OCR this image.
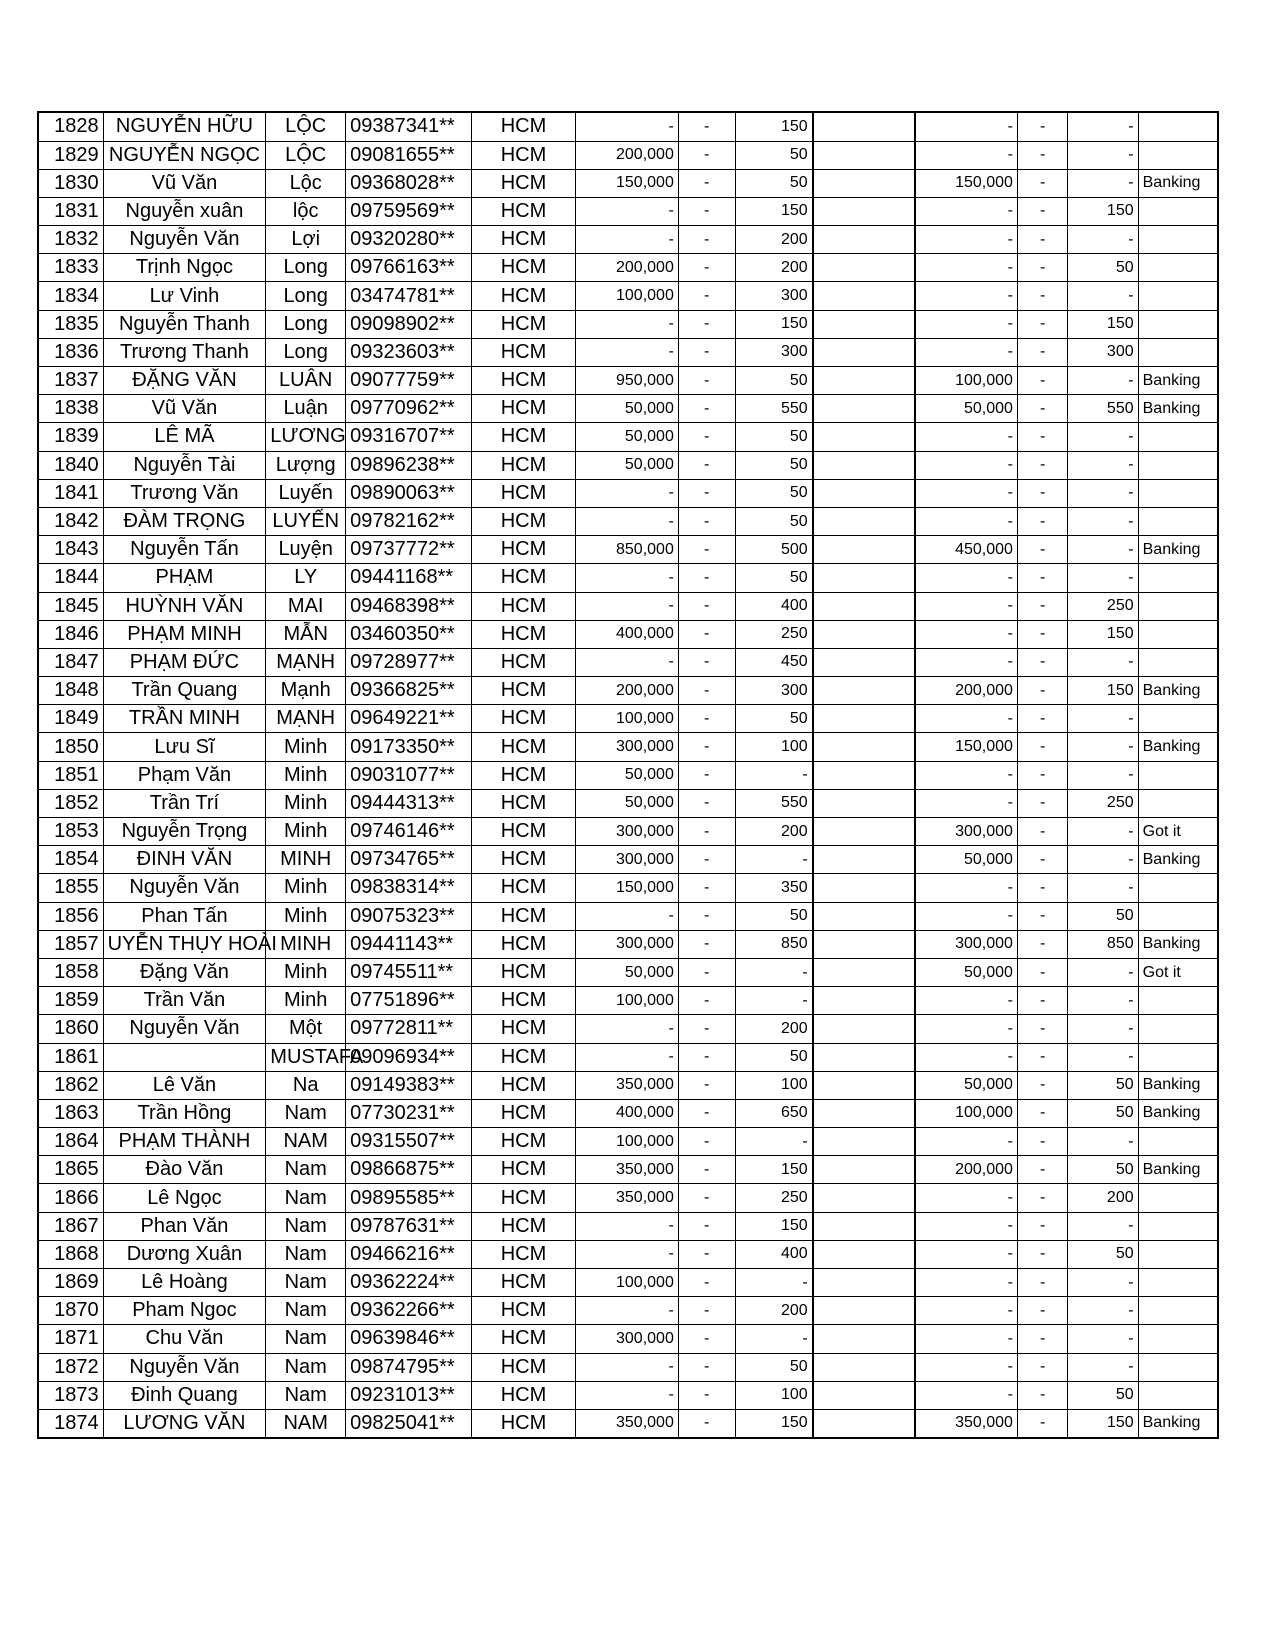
1828	NGUYỄN HỮU	LỘC	09387341**	HCM	-	-	150		-	-	-	
1829	NGUYỄN NGỌC	LỘC	09081655**	HCM	200,000	-	50		-	-	-	
1830	Vũ Văn	Lộc	09368028**	HCM	150,000	-	50		150,000	-	-	Banking
1831	Nguyễn xuân	lộc	09759569**	HCM	-	-	150		-	-	150	
1832	Nguyễn Văn	Lợi	09320280**	HCM	-	-	200		-	-	-	
1833	Trịnh Ngọc	Long	09766163**	HCM	200,000	-	200		-	-	50	
1834	Lư Vinh	Long	03474781**	HCM	100,000	-	300		-	-	-	
1835	Nguyễn Thanh	Long	09098902**	HCM	-	-	150		-	-	150	
1836	Trương Thanh	Long	09323603**	HCM	-	-	300		-	-	300	
1837	ĐẶNG VĂN	LUÂN	09077759**	HCM	950,000	-	50		100,000	-	-	Banking
1838	Vũ Văn	Luận	09770962**	HCM	50,000	-	550		50,000	-	550	Banking
1839	LÊ MÃ	LƯƠNG	09316707**	HCM	50,000	-	50		-	-	-	
1840	Nguyễn Tài	Lượng	09896238**	HCM	50,000	-	50		-	-	-	
1841	Trương Văn	Luyến	09890063**	HCM	-	-	50		-	-	-	
1842	ĐÀM TRỌNG	LUYẾN	09782162**	HCM	-	-	50		-	-	-	
1843	Nguyễn Tấn	Luyện	09737772**	HCM	850,000	-	500		450,000	-	-	Banking
1844	PHẠM	LY	09441168**	HCM	-	-	50		-	-	-	
1845	HUỲNH VĂN	MAI	09468398**	HCM	-	-	400		-	-	250	
1846	PHẠM MINH	MẪN	03460350**	HCM	400,000	-	250		-	-	150	
1847	PHẠM ĐỨC	MẠNH	09728977**	HCM	-	-	450		-	-	-	
1848	Trần Quang	Mạnh	09366825**	HCM	200,000	-	300		200,000	-	150	Banking
1849	TRẦN MINH	MẠNH	09649221**	HCM	100,000	-	50		-	-	-	
1850	Lưu Sĩ	Minh	09173350**	HCM	300,000	-	100		150,000	-	-	Banking
1851	Phạm Văn	Minh	09031077**	HCM	50,000	-	-		-	-	-	
1852	Trần Trí	Minh	09444313**	HCM	50,000	-	550		-	-	250	
1853	Nguyễn Trọng	Minh	09746146**	HCM	300,000	-	200		300,000	-	-	Got it
1854	ĐINH VĂN	MINH	09734765**	HCM	300,000	-	-		50,000	-	-	Banking
1855	Nguyễn Văn	Minh	09838314**	HCM	150,000	-	350		-	-	-	
1856	Phan Tấn	Minh	09075323**	HCM	-	-	50		-	-	50	
1857	UYỄN THỤY HOÀI	MINH	09441143**	HCM	300,000	-	850		300,000	-	850	Banking
1858	Đặng Văn	Minh	09745511**	HCM	50,000	-	-		50,000	-	-	Got it
1859	Trần Văn	Minh	07751896**	HCM	100,000	-	-		-	-	-	
1860	Nguyễn Văn	Một	09772811**	HCM	-	-	200		-	-	-	
1861		MUSTAFA	09096934**	HCM	-	-	50		-	-	-	
1862	Lê Văn	Na	09149383**	HCM	350,000	-	100		50,000	-	50	Banking
1863	Trần Hồng	Nam	07730231**	HCM	400,000	-	650		100,000	-	50	Banking
1864	PHẠM THÀNH	NAM	09315507**	HCM	100,000	-	-		-	-	-	
1865	Đào Văn	Nam	09866875**	HCM	350,000	-	150		200,000	-	50	Banking
1866	Lê Ngọc	Nam	09895585**	HCM	350,000	-	250		-	-	200	
1867	Phan Văn	Nam	09787631**	HCM	-	-	150		-	-	-	
1868	Dương Xuân	Nam	09466216**	HCM	-	-	400		-	-	50	
1869	Lê Hoàng	Nam	09362224**	HCM	100,000	-	-		-	-	-	
1870	Pham Ngoc	Nam	09362266**	HCM	-	-	200		-	-	-	
1871	Chu Văn	Nam	09639846**	HCM	300,000	-	-		-	-	-	
1872	Nguyễn Văn	Nam	09874795**	HCM	-	-	50		-	-	-	
1873	Đinh Quang	Nam	09231013**	HCM	-	-	100		-	-	50	
1874	LƯƠNG VĂN	NAM	09825041**	HCM	350,000	-	150		350,000	-	150	Banking
